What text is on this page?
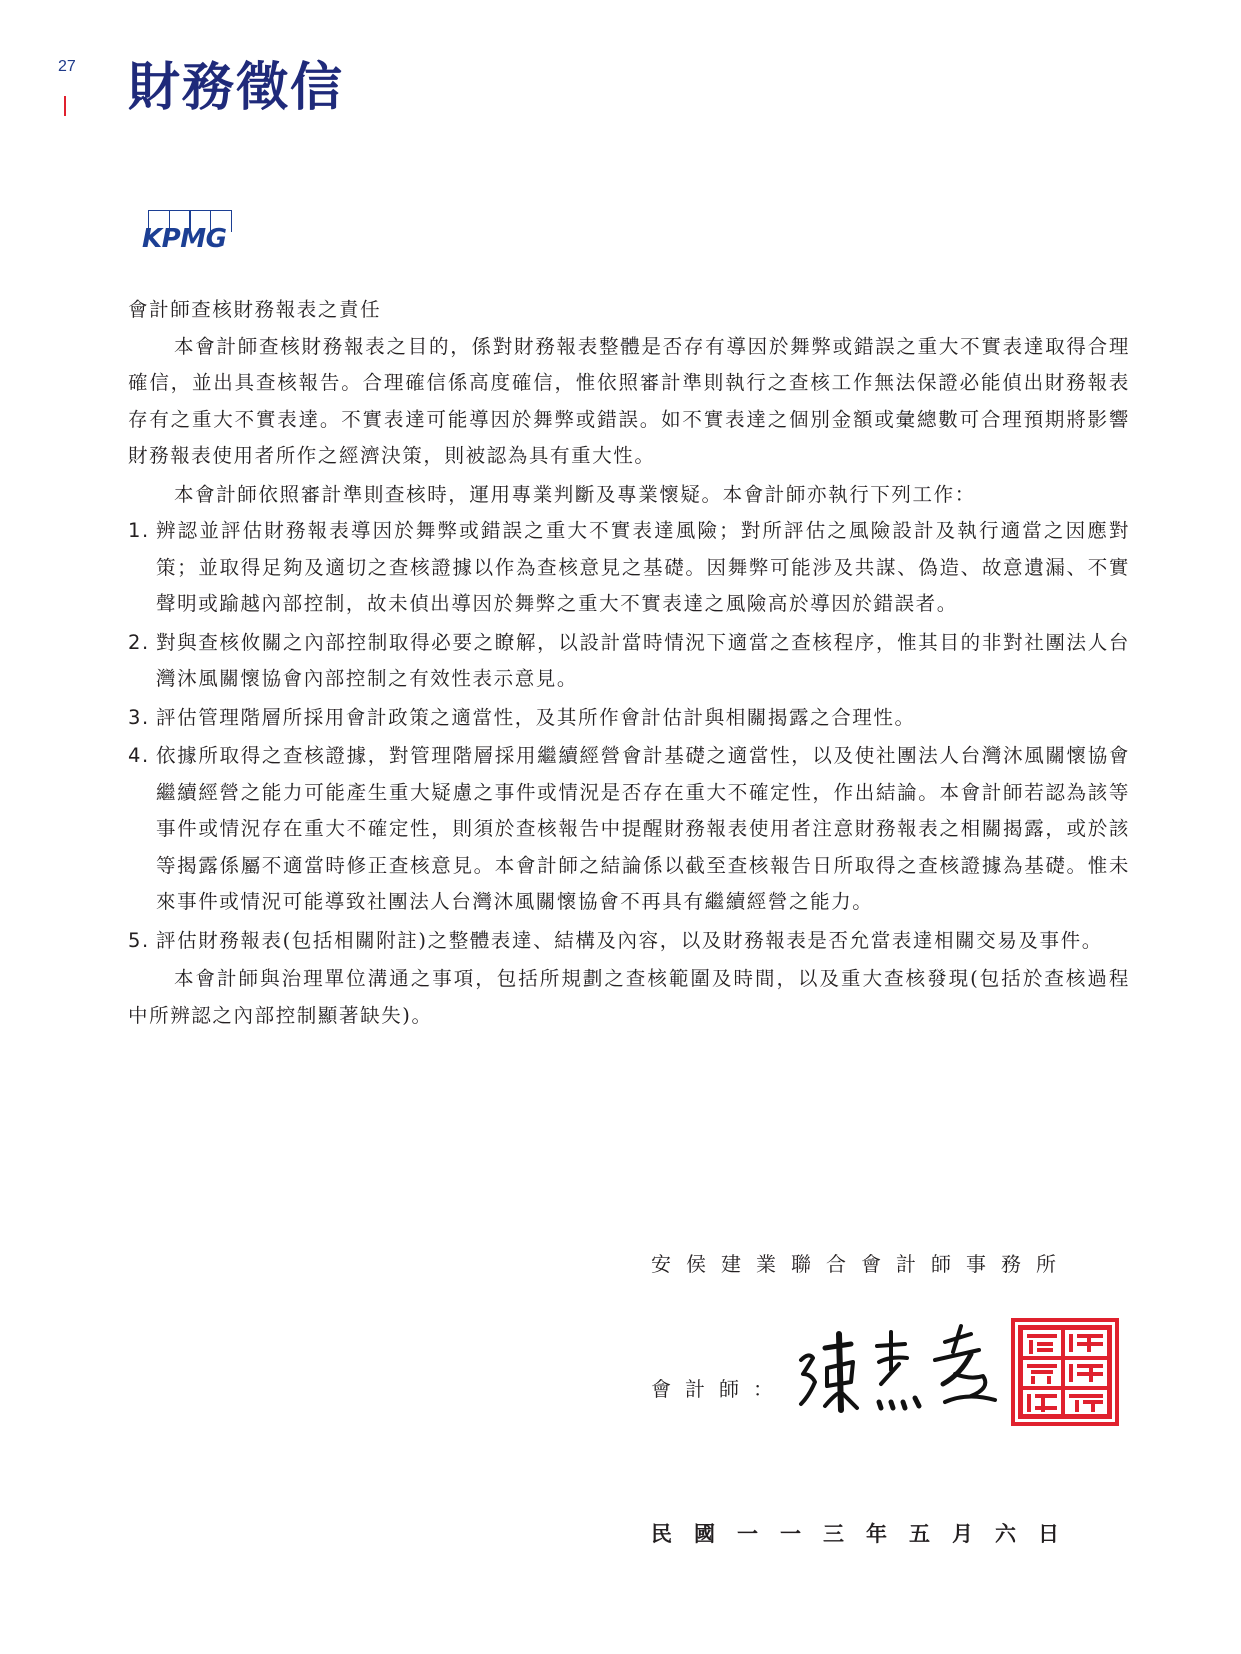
27 財務徵信
KPMG

會計師查核財務報表之責任

本會計師查核財務報表之目的，係對財務報表整體是否存有導因於舞弊或錯誤之重大不實表達取得合理確信，並出具查核報告。合理確信係高度確信，惟依照審計準則執行之查核工作無法保證必能偵出財務報表存有之重大不實表達。不實表達可能導因於舞弊或錯誤。如不實表達之個別金額或彙總數可合理預期將影響財務報表使用者所作之經濟決策，則被認為具有重大性。

本會計師依照審計準則查核時，運用專業判斷及專業懷疑。本會計師亦執行下列工作：

1. 辨認並評估財務報表導因於舞弊或錯誤之重大不實表達風險；對所評估之風險設計及執行適當之因應對策；並取得足夠及適切之查核證據以作為查核意見之基礎。因舞弊可能涉及共謀、偽造、故意遺漏、不實聲明或踰越內部控制，故未偵出導因於舞弊之重大不實表達之風險高於導因於錯誤者。
2. 對與查核攸關之內部控制取得必要之瞭解，以設計當時情況下適當之查核程序，惟其目的非對社團法人台灣沐風關懷協會內部控制之有效性表示意見。
3. 評估管理階層所採用會計政策之適當性，及其所作會計估計與相關揭露之合理性。
4. 依據所取得之查核證據，對管理階層採用繼續經營會計基礎之適當性，以及使社團法人台灣沐風關懷協會繼續經營之能力可能產生重大疑慮之事件或情況是否存在重大不確定性，作出結論。本會計師若認為該等事件或情況存在重大不確定性，則須於查核報告中提醒財務報表使用者注意財務報表之相關揭露，或於該等揭露係屬不適當時修正查核意見。本會計師之結論係以截至查核報告日所取得之查核證據為基礎。惟未來事件或情況可能導致社團法人台灣沐風關懷協會不再具有繼續經營之能力。
5. 評估財務報表(包括相關附註)之整體表達、結構及內容，以及財務報表是否允當表達相關交易及事件。

本會計師與治理單位溝通之事項，包括所規劃之查核範圍及時間，以及重大查核發現(包括於查核過程中所辨認之內部控制顯著缺失)。

安侯建業聯合會計師事務所
會計師：
民國一一三年五月六日
